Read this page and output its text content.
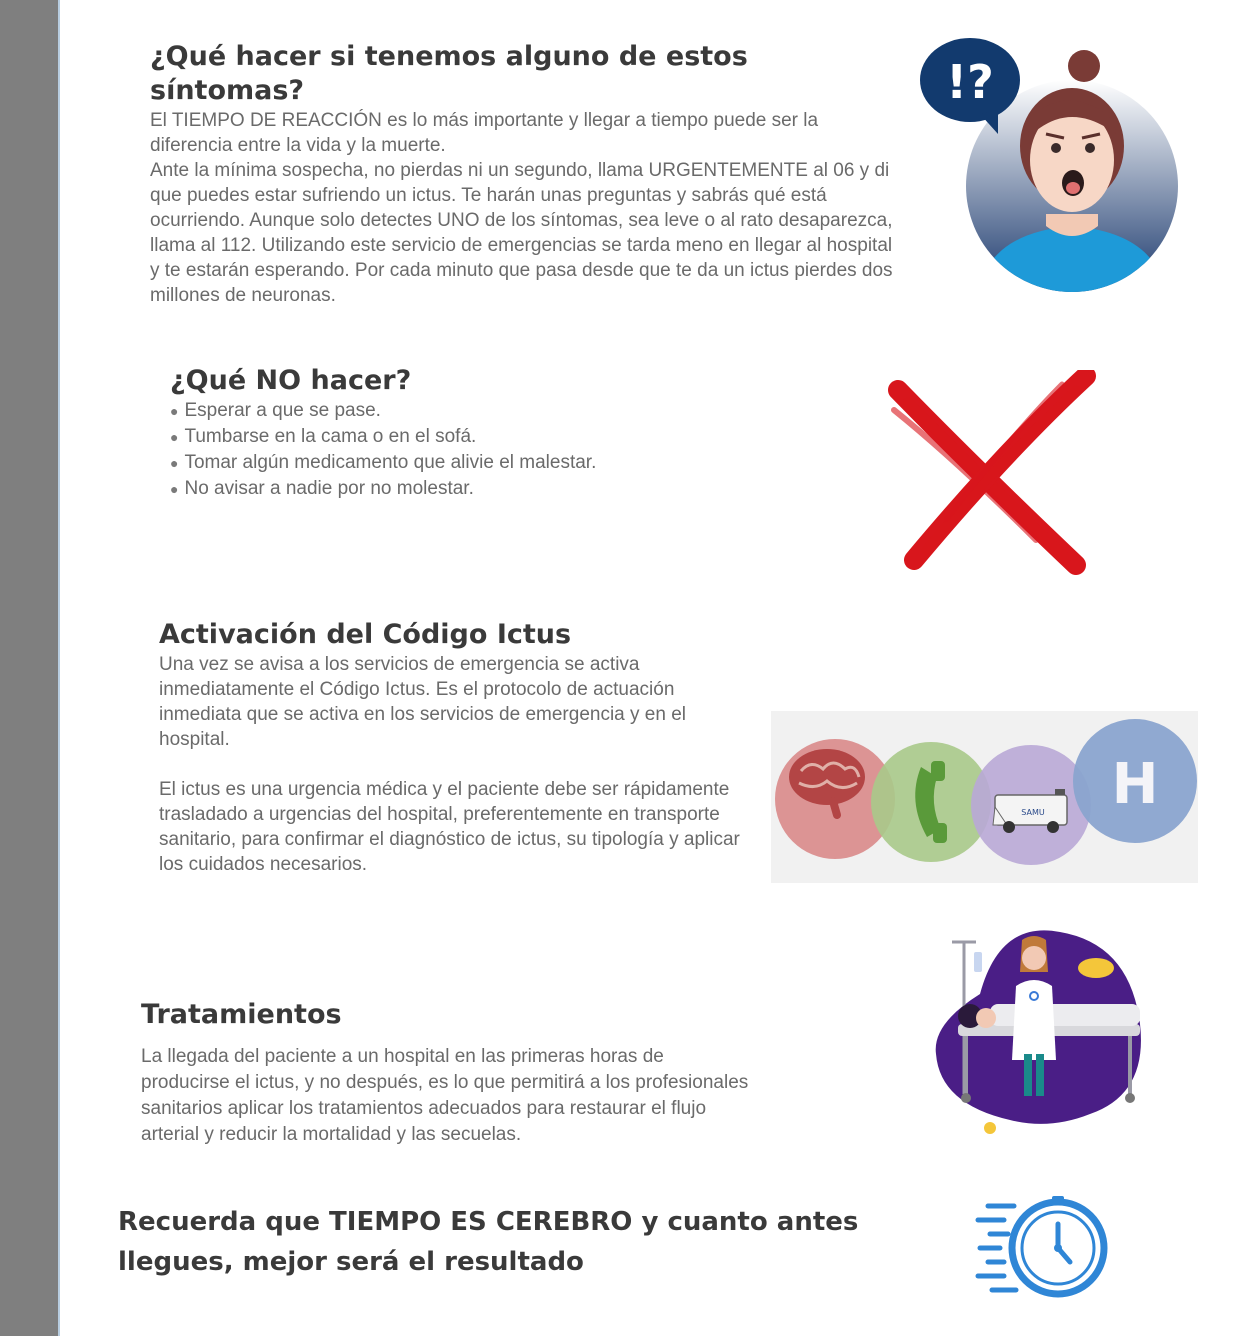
¿Qué hacer si tenemos alguno de estos síntomas?

El TIEMPO DE REACCIÓN es lo más importante y llegar a tiempo puede ser la diferencia entre la vida y la muerte.
Ante la mínima sospecha, no pierdas ni un segundo, llama URGENTEMENTE al 06 y di que puedes estar sufriendo un ictus. Te harán unas preguntas y sabrás qué está ocurriendo. Aunque solo detectes UNO de los síntomas, sea leve o al rato desaparezca, llama al 112. Utilizando este servicio de emergencias se tarda meno en llegar al hospital y te estarán esperando. Por cada minuto que pasa desde que te da un ictus pierdes dos millones de neuronas.

!?
¿Qué NO hacer?
● Esperar a que se pase.
● Tumbarse en la cama o en el sofá.
● Tomar algún medicamento que alivie el malestar.
● No avisar a nadie por no molestar.
Activación del Código Ictus

Una vez se avisa a los servicios de emergencia se activa inmediatamente el Código Ictus. Es el protocolo de actuación inmediata que se activa en los servicios de emergencia y en el hospital.

El ictus es una urgencia médica y el paciente debe ser rápidamente trasladado a urgencias del hospital, preferentemente en transporte sanitario, para confirmar el diagnóstico de ictus, su tipología y aplicar los cuidados necesarios.

SAMU H
Tratamientos

La llegada del paciente a un hospital en las primeras horas de producirse el ictus, y no después, es lo que permitirá a los profesionales sanitarios aplicar los tratamientos adecuados para restaurar el flujo arterial y reducir la mortalidad y las secuelas.

Recuerda que TIEMPO ES CEREBRO y cuanto antes llegues, mejor será el resultado
